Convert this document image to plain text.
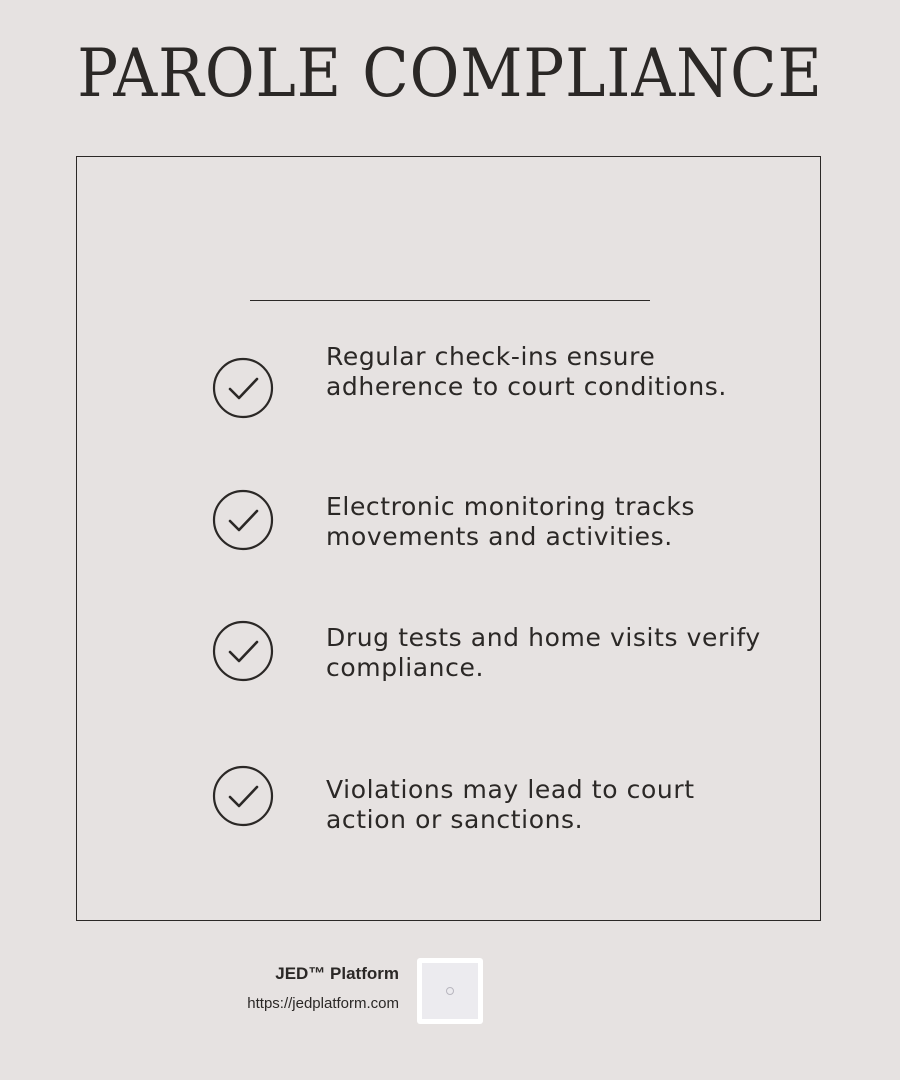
PAROLE COMPLIANCE
Regular check-ins ensure adherence to court conditions.
Electronic monitoring tracks movements and activities.
Drug tests and home visits verify compliance.
Violations may lead to court action or sanctions.
JED™ Platform
https://jedplatform.com
